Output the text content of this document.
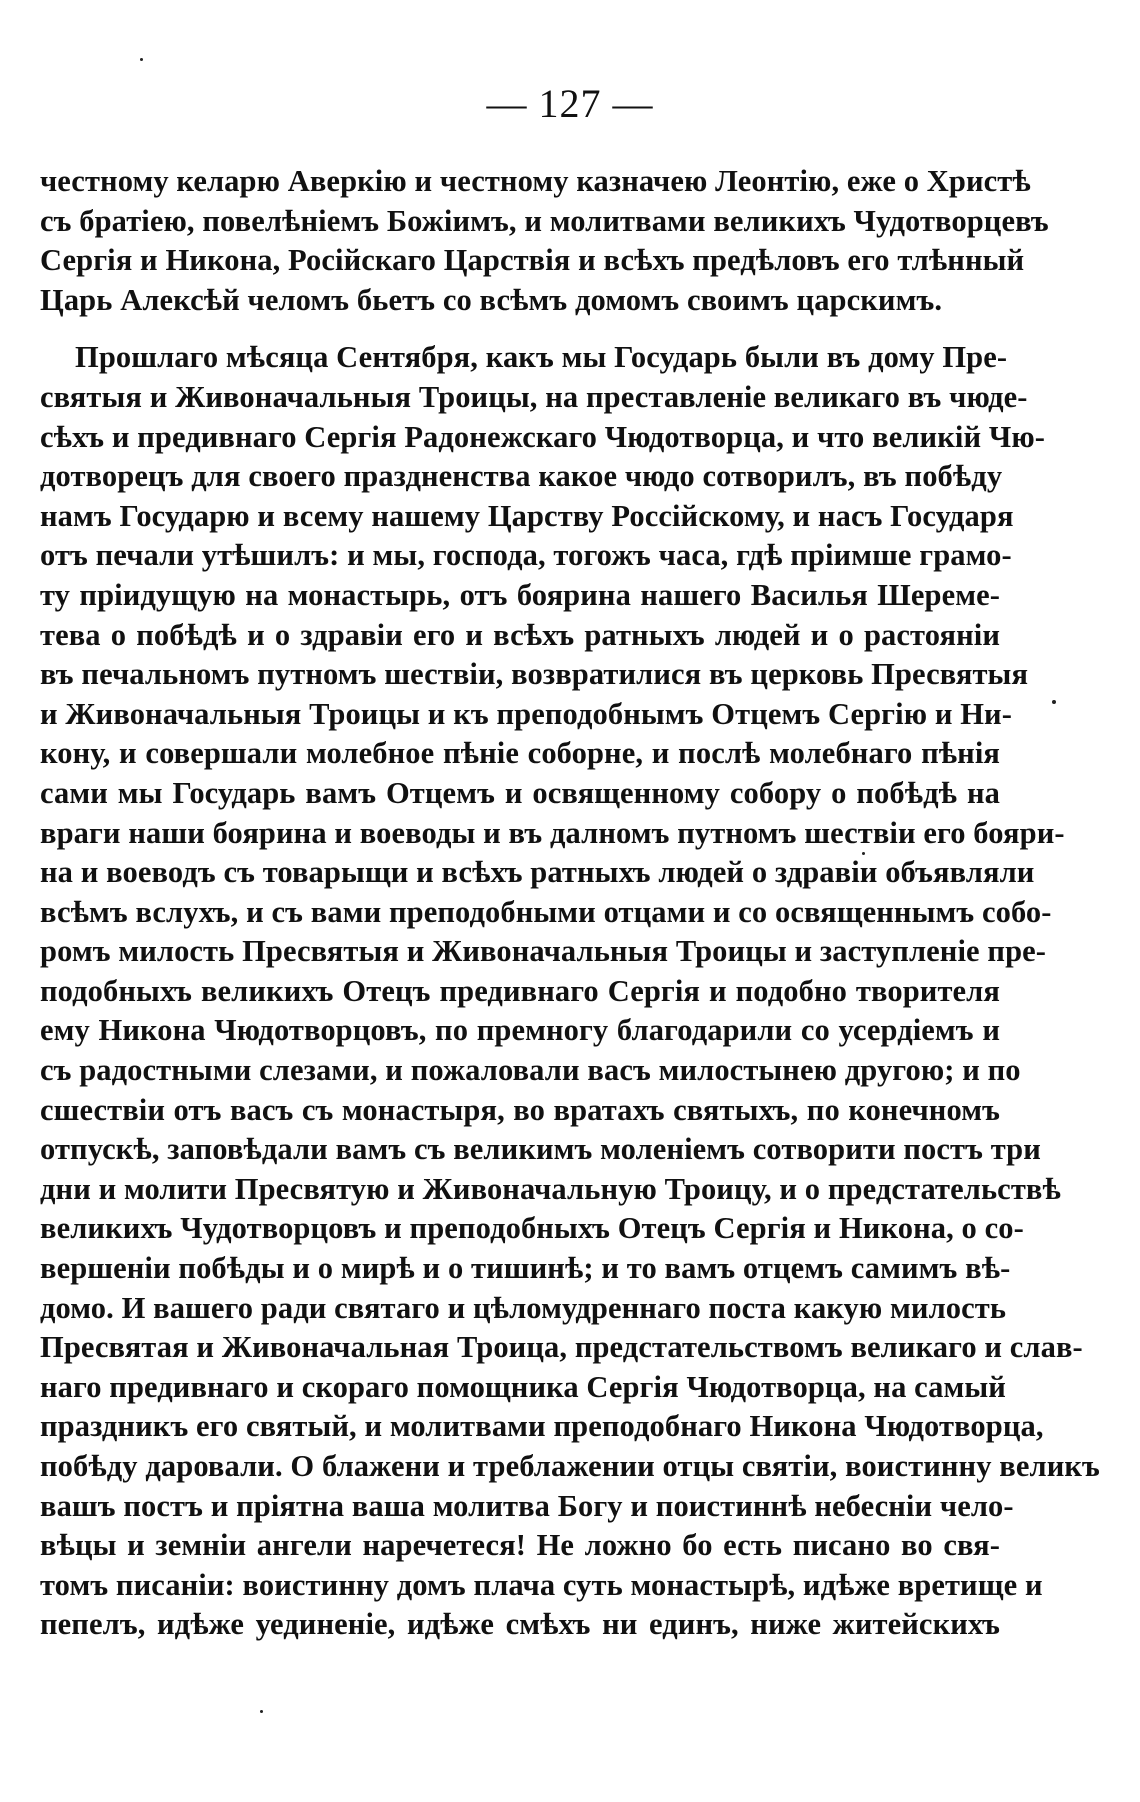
— 127 —
честному келарю Аверкію и честному казначею Леонтію, еже о Христѣ
съ братіею, повелѣніемъ Божіимъ, и молитвами великихъ Чудотворцевъ
Сергія и Никона, Російскаго Царствія и всѣхъ предѣловъ его тлѣнный
Царь Алексѣй челомъ бьетъ со всѣмъ домомъ своимъ царскимъ.
Прошлаго мѣсяца Сентября, какъ мы Государь были въ дому Пре-
святыя и Живоначальныя Троицы, на преставленіе великаго въ чюде-
сѣхъ и предивнаго Сергія Радонежскаго Чюдотворца, и что великій Чю-
дотворецъ для своего праздненства какое чюдо сотворилъ, въ побѣду
намъ Государю и всему нашему Царству Россійскому, и насъ Государя
отъ печали утѣшилъ: и мы, господа, тогожъ часа, гдѣ пріимше грамо-
ту пріидущую на монастырь, отъ боярина нашего Василья Шереме-
тева о побѣдѣ и о здравіи его и всѣхъ ратныхъ людей и о растояніи
въ печальномъ путномъ шествіи, возвратилися въ церковь Пресвятыя
и Живоначальныя Троицы и къ преподобнымъ Отцемъ Сергію и Ни-
кону, и совершали молебное пѣніе соборне, и послѣ молебнаго пѣнія
сами мы Государь вамъ Отцемъ и освященному собору о побѣдѣ на
враги наши боярина и воеводы и въ далномъ путномъ шествіи его бояри-
на и воеводъ съ товарыщи и всѣхъ ратныхъ людей о здравіи объявляли
всѣмъ вслухъ, и съ вами преподобными отцами и со освященнымъ собо-
ромъ милость Пресвятыя и Живоначальныя Троицы и заступленіе пре-
подобныхъ великихъ Отецъ предивнаго Сергія и подобно творителя
ему Никона Чюдотворцовъ, по премногу благодарили со усердіемъ и
съ радостными слезами, и пожаловали васъ милостынею другою; и по
сшествіи отъ васъ съ монастыря, во вратахъ святыхъ, по конечномъ
отпускѣ, заповѣдали вамъ съ великимъ моленіемъ сотворити постъ три
дни и молити Пресвятую и Живоначальную Троицу, и о предстательствѣ
великихъ Чудотворцовъ и преподобныхъ Отецъ Сергія и Никона, о со-
вершеніи побѣды и о мирѣ и о тишинѣ; и то вамъ отцемъ самимъ вѣ-
домо. И вашего ради святаго и цѣломудреннаго поста какую милость
Пресвятая и Живоначальная Троица, предстательствомъ великаго и слав-
наго предивнаго и скораго помощника Сергія Чюдотворца, на самый
праздникъ его святый, и молитвами преподобнаго Никона Чюдотворца,
побѣду даровали. О блажени и треблажении отцы святіи, воистинну великъ
вашъ постъ и пріятна ваша молитва Богу и поистиннѣ небесніи чело-
вѣцы и земніи ангели наречетеся! Не ложно бо есть писано во свя-
томъ писаніи: воистинну домъ плача суть монастырѣ, идѣже вретище и
пепелъ, идѣже уединеніе, идѣже смѣхъ ни единъ, ниже житейскихъ
